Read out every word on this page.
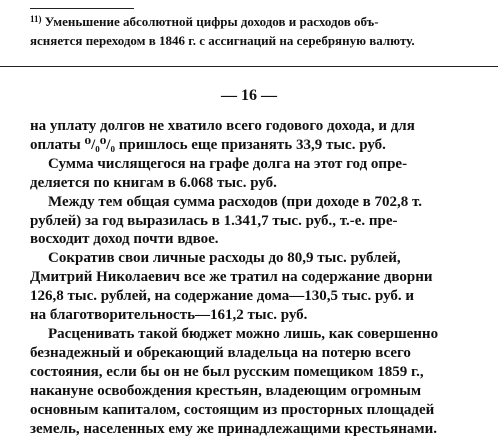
$^{11)}$ Уменьшение абсолютной цифры доходов и расходов объ-
ясняется переходом в 1846 г. с ассигнаций на серебряную валюту.
— 16 —
на уплату долгов не хватило всего годового дохода, и для
оплаты ⁰/₀⁰/₀ пришлось еще призанять 33,9 тыс. руб.
Сумма числящегося на графе долга на этот год опре-
деляется по книгам в 6.068 тыс. руб.
Между тем общая сумма расходов (при доходе в 702,8 т.
рублей) за год выразилась в 1.341,7 тыс. руб., т.-е. пре-
восходит доход почти вдвое.
Сократив свои личные расходы до 80,9 тыс. рублей,
Дмитрий Николаевич все же тратил на содержание дворни
126,8 тыс. рублей, на содержание дома—130,5 тыс. руб. и
на благотворительность—161,2 тыс. руб.
Расценивать такой бюджет можно лишь, как совершенно
безнадежный и обрекающий владельца на потерю всего
состояния, если бы он не был русским помещиком 1859 г.,
накануне освобождения крестьян, владеющим огромным
основным капиталом, состоящим из просторных площадей
земель, населенных ему же принадлежащими крестьянами.
